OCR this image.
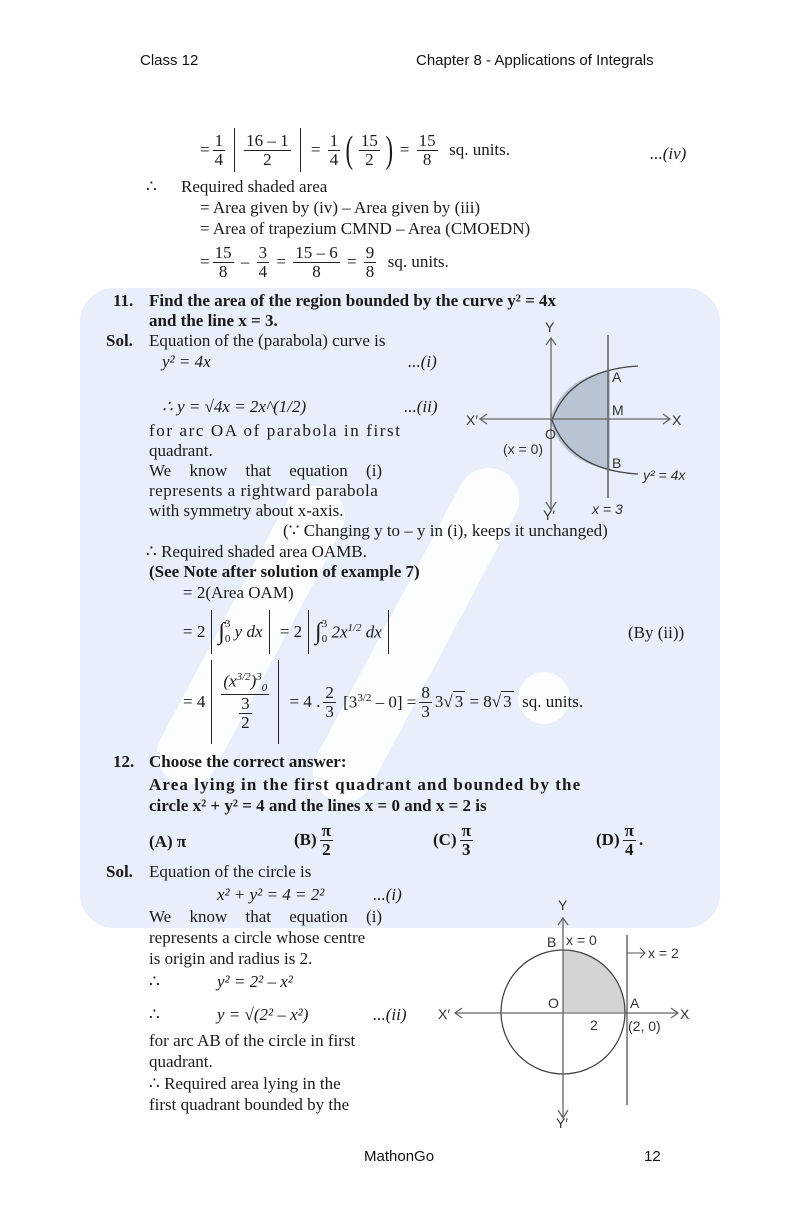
Class 12	Chapter 8 - Applications of Integrals
= $\frac{1}{4} \frac{16 - 1}{2} = \frac{1}{4}$ ( $\frac{15}{2}$ ) = $\frac{15}{8}$
sq. units.	...(iv)
∴ Required shaded area
= Area given by (iv) – Area given by (iii)
= Area of trapezium CMND – Area (CMOEDN)
= $\frac{15}{8} - \frac{3}{4} = \frac{15 - 6}{8} = \frac{9}{8}$
sq. units.
11. Find the area of the region bounded by the curve y² = 4x
and the line x = 3.
Sol. Equation of the (parabola) curve is
y² = 4x	...(i)
∴ y = √4x = 2x^(1/2)	...(ii)
for arc OA of parabola in first
quadrant.
We know that equation (i)
represents a rightward parabola
with symmetry about x-axis.
(∵ Changing y to – y in (i), keeps it unchanged)
∴ Required shaded area OAMB.
(See Note after solution of example 7)
= 2(Area OAM)
= 2 ∫ 3
0 y dx = 2 ∫ 3
0 $2x^{1/2}$ dx	(By (ii))
= $4 \frac{(x^{3/2})^3_0}{\frac{3}{2}} = 4$ . $\frac{2}{3} [3^{3/2} - 0] = \frac{8}{3} 3√$ 3 = 8√ 3 sq. units.
Y
Y′
X
X′
O
(x = 0)
A
M
B
y² = 4x
x = 3
12. Choose the correct answer:
Area lying in the first quadrant and bounded by the
circle x² + y² = 4 and the lines x = 0 and x = 2 is
(A) π	$(B) \frac{\pi}{2}$	$(C) \frac{\pi}{3}$	$(D) \frac{\pi}{4}$ .
Sol. Equation of the circle is
x² + y² = 4 = 2²	...(i)
We know that equation (i)
represents a circle whose centre
is origin and radius is 2.
∴	y² = 2² – x²
∴	y = √(2² – x²)	...(ii)
for arc AB of the circle in first
quadrant.
∴ Required area lying in the
first quadrant bounded by the
Y
Y′
X
X′
O
B x = 0
x = 2
A
(2, 0)
2
MathonGo	12
